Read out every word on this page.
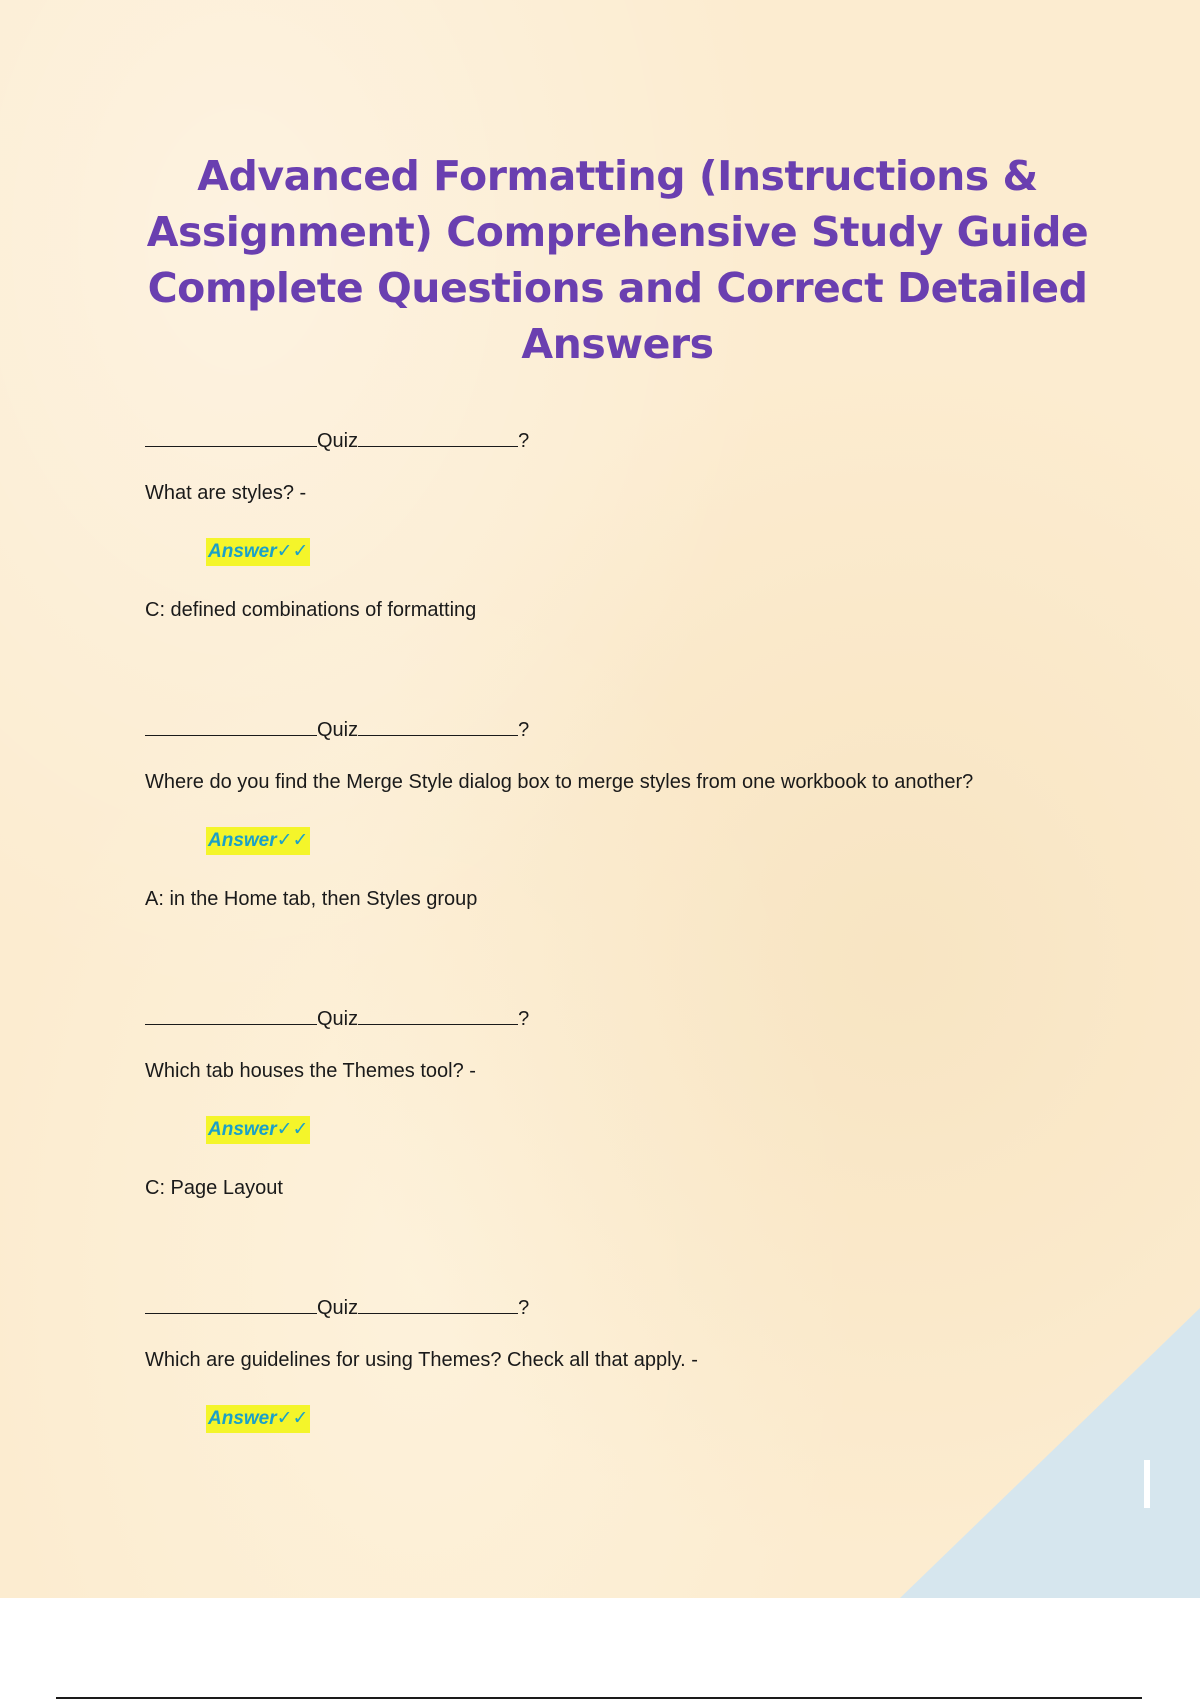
Advanced Formatting (Instructions & Assignment) Comprehensive Study Guide Complete Questions and Correct Detailed Answers
Quiz	?
What are styles? -
Answer✓✓
C: defined combinations of formatting
Quiz	?
Where do you find the Merge Style dialog box to merge styles from one workbook to another?
Answer✓✓
A: in the Home tab, then Styles group
Quiz	?
Which tab houses the Themes tool? -
Answer✓✓
C: Page Layout
Quiz	?
Which are guidelines for using Themes? Check all that apply. -
Answer✓✓
